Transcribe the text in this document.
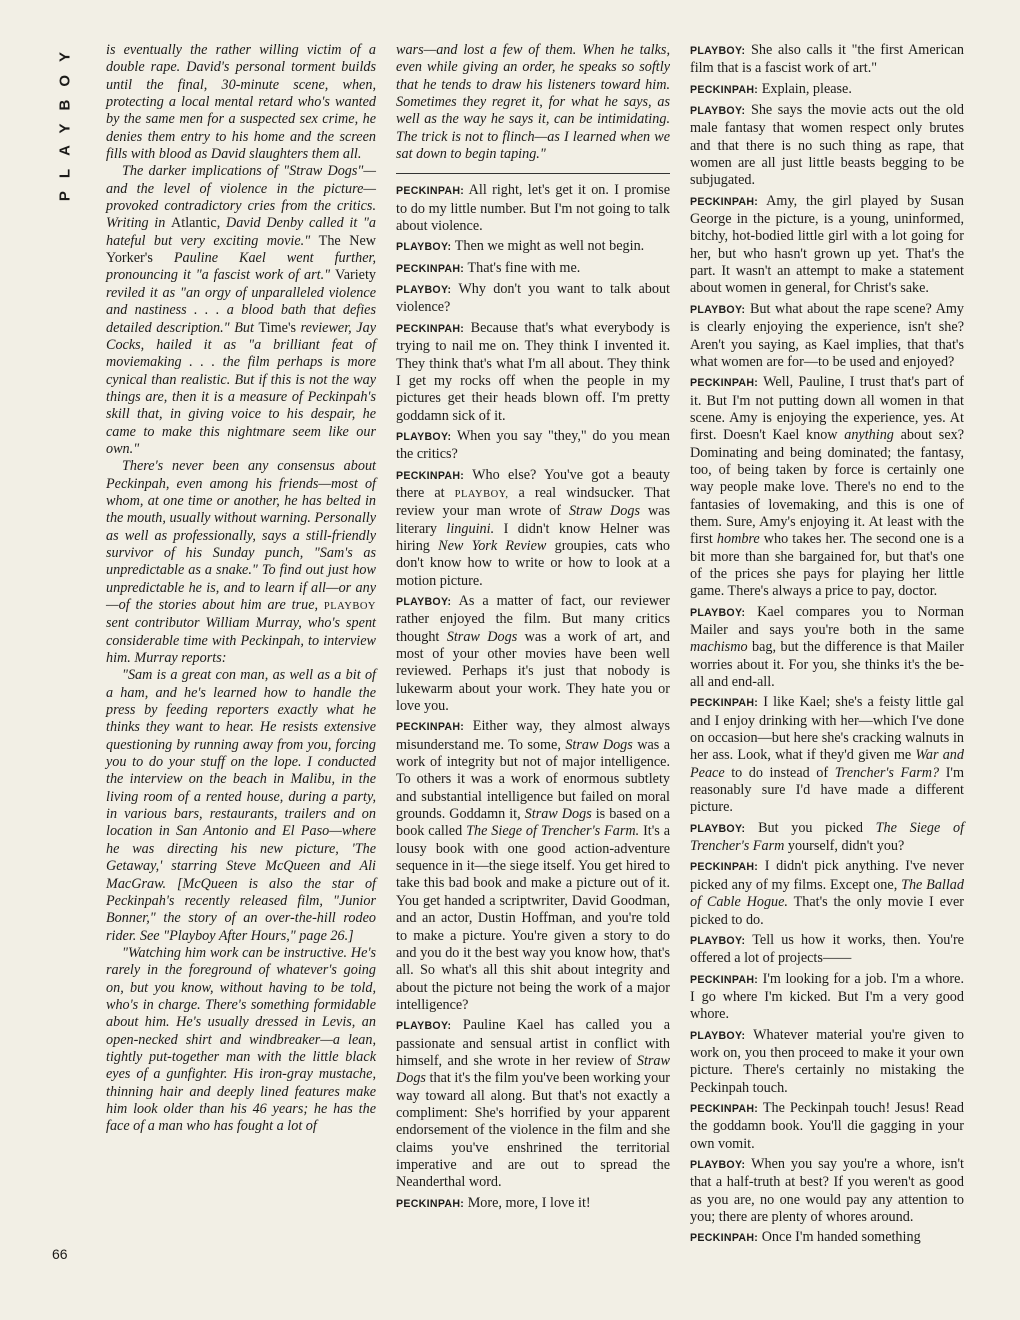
PLAYBOY
66

is eventually the rather willing victim of a double rape. David's personal torment builds until the final, 30-minute scene, when, protecting a local mental retard who's wanted by the same men for a suspected sex crime, he denies them entry to his home and the screen fills with blood as David slaughters them all.

The darker implications of "Straw Dogs"—and the level of violence in the picture—provoked contradictory cries from the critics. Writing in Atlantic, David Denby called it "a hateful but very exciting movie." The New Yorker's Pauline Kael went further, pronouncing it "a fascist work of art." Variety reviled it as "an orgy of unparalleled violence and nastiness . . . a blood bath that defies detailed description." But Time's reviewer, Jay Cocks, hailed it as "a brilliant feat of moviemaking . . . the film perhaps is more cynical than realistic. But if this is not the way things are, then it is a measure of Peckinpah's skill that, in giving voice to his despair, he came to make this nightmare seem like our own."

There's never been any consensus about Peckinpah, even among his friends—most of whom, at one time or another, he has belted in the mouth, usually without warning. Personally as well as professionally, says a still-friendly survivor of his Sunday punch, "Sam's as unpredictable as a snake." To find out just how unpredictable he is, and to learn if all—or any—of the stories about him are true, PLAYBOY sent contributor William Murray, who's spent considerable time with Peckinpah, to interview him. Murray reports:

"Sam is a great con man, as well as a bit of a ham, and he's learned how to handle the press by feeding reporters exactly what he thinks they want to hear. He resists extensive questioning by running away from you, forcing you to do your stuff on the lope. I conducted the interview on the beach in Malibu, in the living room of a rented house, during a party, in various bars, restaurants, trailers and on location in San Antonio and El Paso—where he was directing his new picture, 'The Getaway,' starring Steve McQueen and Ali MacGraw. [McQueen is also the star of Peckinpah's recently released film, "Junior Bonner," the story of an over-the-hill rodeo rider. See "Playboy After Hours," page 26.]

"Watching him work can be instructive. He's rarely in the foreground of whatever's going on, but you know, without having to be told, who's in charge. There's something formidable about him. He's usually dressed in Levis, an open-necked shirt and windbreaker—a lean, tightly put-together man with the little black eyes of a gunfighter. His iron-gray mustache, thinning hair and deeply lined features make him look older than his 46 years; he has the face of a man who has fought a lot of

wars—and lost a few of them. When he talks, even while giving an order, he speaks so softly that he tends to draw his listeners toward him. Sometimes they regret it, for what he says, as well as the way he says it, can be intimidating. The trick is not to flinch—as I learned when we sat down to begin taping."

PECKINPAH: All right, let's get it on. I promise to do my little number. But I'm not going to talk about violence.

PLAYBOY: Then we might as well not begin.

PECKINPAH: That's fine with me.

PLAYBOY: Why don't you want to talk about violence?

PECKINPAH: Because that's what everybody is trying to nail me on. They think I invented it. They think that's what I'm all about. They think I get my rocks off when the people in my pictures get their heads blown off. I'm pretty goddamn sick of it.

PLAYBOY: When you say "they," do you mean the critics?

PECKINPAH: Who else? You've got a beauty there at PLAYBOY, a real windsucker. That review your man wrote of Straw Dogs was literary linguini. I didn't know Helner was hiring New York Review groupies, cats who don't know how to write or how to look at a motion picture.

PLAYBOY: As a matter of fact, our reviewer rather enjoyed the film. But many critics thought Straw Dogs was a work of art, and most of your other movies have been well reviewed. Perhaps it's just that nobody is lukewarm about your work. They hate you or love you.

PECKINPAH: Either way, they almost always misunderstand me. To some, Straw Dogs was a work of integrity but not of major intelligence. To others it was a work of enormous subtlety and substantial intelligence but failed on moral grounds. Goddamn it, Straw Dogs is based on a book called The Siege of Trencher's Farm. It's a lousy book with one good action-adventure sequence in it—the siege itself. You get hired to take this bad book and make a picture out of it. You get handed a scriptwriter, David Goodman, and an actor, Dustin Hoffman, and you're told to make a picture. You're given a story to do and you do it the best way you know how, that's all. So what's all this shit about integrity and about the picture not being the work of a major intelligence?

PLAYBOY: Pauline Kael has called you a passionate and sensual artist in conflict with himself, and she wrote in her review of Straw Dogs that it's the film you've been working your way toward all along. But that's not exactly a compliment: She's horrified by your apparent endorsement of the violence in the film and she claims you've enshrined the territorial imperative and are out to spread the Neanderthal word.

PECKINPAH: More, more, I love it!

PLAYBOY: She also calls it "the first American film that is a fascist work of art."

PECKINPAH: Explain, please.

PLAYBOY: She says the movie acts out the old male fantasy that women respect only brutes and that there is no such thing as rape, that women are all just little beasts begging to be subjugated.

PECKINPAH: Amy, the girl played by Susan George in the picture, is a young, uninformed, bitchy, hot-bodied little girl with a lot going for her, but who hasn't grown up yet. That's the part. It wasn't an attempt to make a statement about women in general, for Christ's sake.

PLAYBOY: But what about the rape scene? Amy is clearly enjoying the experience, isn't she? Aren't you saying, as Kael implies, that that's what women are for—to be used and enjoyed?

PECKINPAH: Well, Pauline, I trust that's part of it. But I'm not putting down all women in that scene. Amy is enjoying the experience, yes. At first. Doesn't Kael know anything about sex? Dominating and being dominated; the fantasy, too, of being taken by force is certainly one way people make love. There's no end to the fantasies of lovemaking, and this is one of them. Sure, Amy's enjoying it. At least with the first hombre who takes her. The second one is a bit more than she bargained for, but that's one of the prices she pays for playing her little game. There's always a price to pay, doctor.

PLAYBOY: Kael compares you to Norman Mailer and says you're both in the same machismo bag, but the difference is that Mailer worries about it. For you, she thinks it's the be-all and end-all.

PECKINPAH: I like Kael; she's a feisty little gal and I enjoy drinking with her—which I've done on occasion—but here she's cracking walnuts in her ass. Look, what if they'd given me War and Peace to do instead of Trencher's Farm? I'm reasonably sure I'd have made a different picture.

PLAYBOY: But you picked The Siege of Trencher's Farm yourself, didn't you?

PECKINPAH: I didn't pick anything. I've never picked any of my films. Except one, The Ballad of Cable Hogue. That's the only movie I ever picked to do.

PLAYBOY: Tell us how it works, then. You're offered a lot of projects——

PECKINPAH: I'm looking for a job. I'm a whore. I go where I'm kicked. But I'm a very good whore.

PLAYBOY: Whatever material you're given to work on, you then proceed to make it your own picture. There's certainly no mistaking the Peckinpah touch.

PECKINPAH: The Peckinpah touch! Jesus! Read the goddamn book. You'll die gagging in your own vomit.

PLAYBOY: When you say you're a whore, isn't that a half-truth at best? If you weren't as good as you are, no one would pay any attention to you; there are plenty of whores around.

PECKINPAH: Once I'm handed something
